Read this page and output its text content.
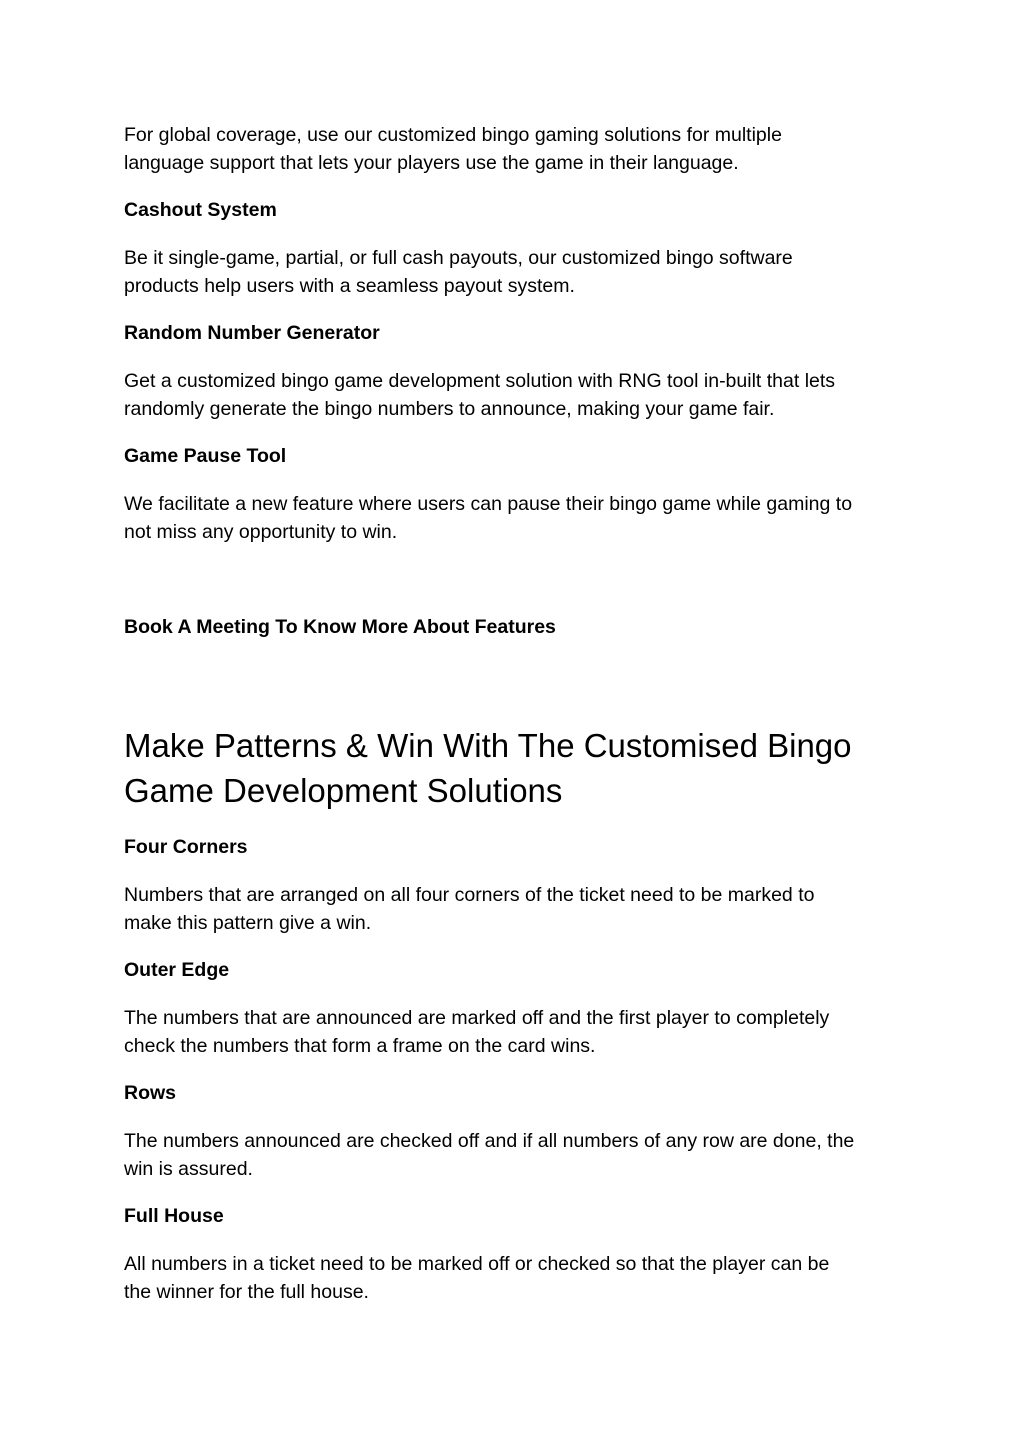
For global coverage, use our customized bingo gaming solutions for multiple
language support that lets your players use the game in their language.

Cashout System

Be it single-game, partial, or full cash payouts, our customized bingo software
products help users with a seamless payout system.

Random Number Generator

Get a customized bingo game development solution with RNG tool in-built that lets
randomly generate the bingo numbers to announce, making your game fair.

Game Pause Tool

We facilitate a new feature where users can pause their bingo game while gaming to
not miss any opportunity to win.

Book A Meeting To Know More About Features
Make Patterns & Win With The Customised Bingo
Game Development Solutions
Four Corners

Numbers that are arranged on all four corners of the ticket need to be marked to
make this pattern give a win.

Outer Edge

The numbers that are announced are marked off and the first player to completely
check the numbers that form a frame on the card wins.

Rows

The numbers announced are checked off and if all numbers of any row are done, the
win is assured.

Full House

All numbers in a ticket need to be marked off or checked so that the player can be
the winner for the full house.
